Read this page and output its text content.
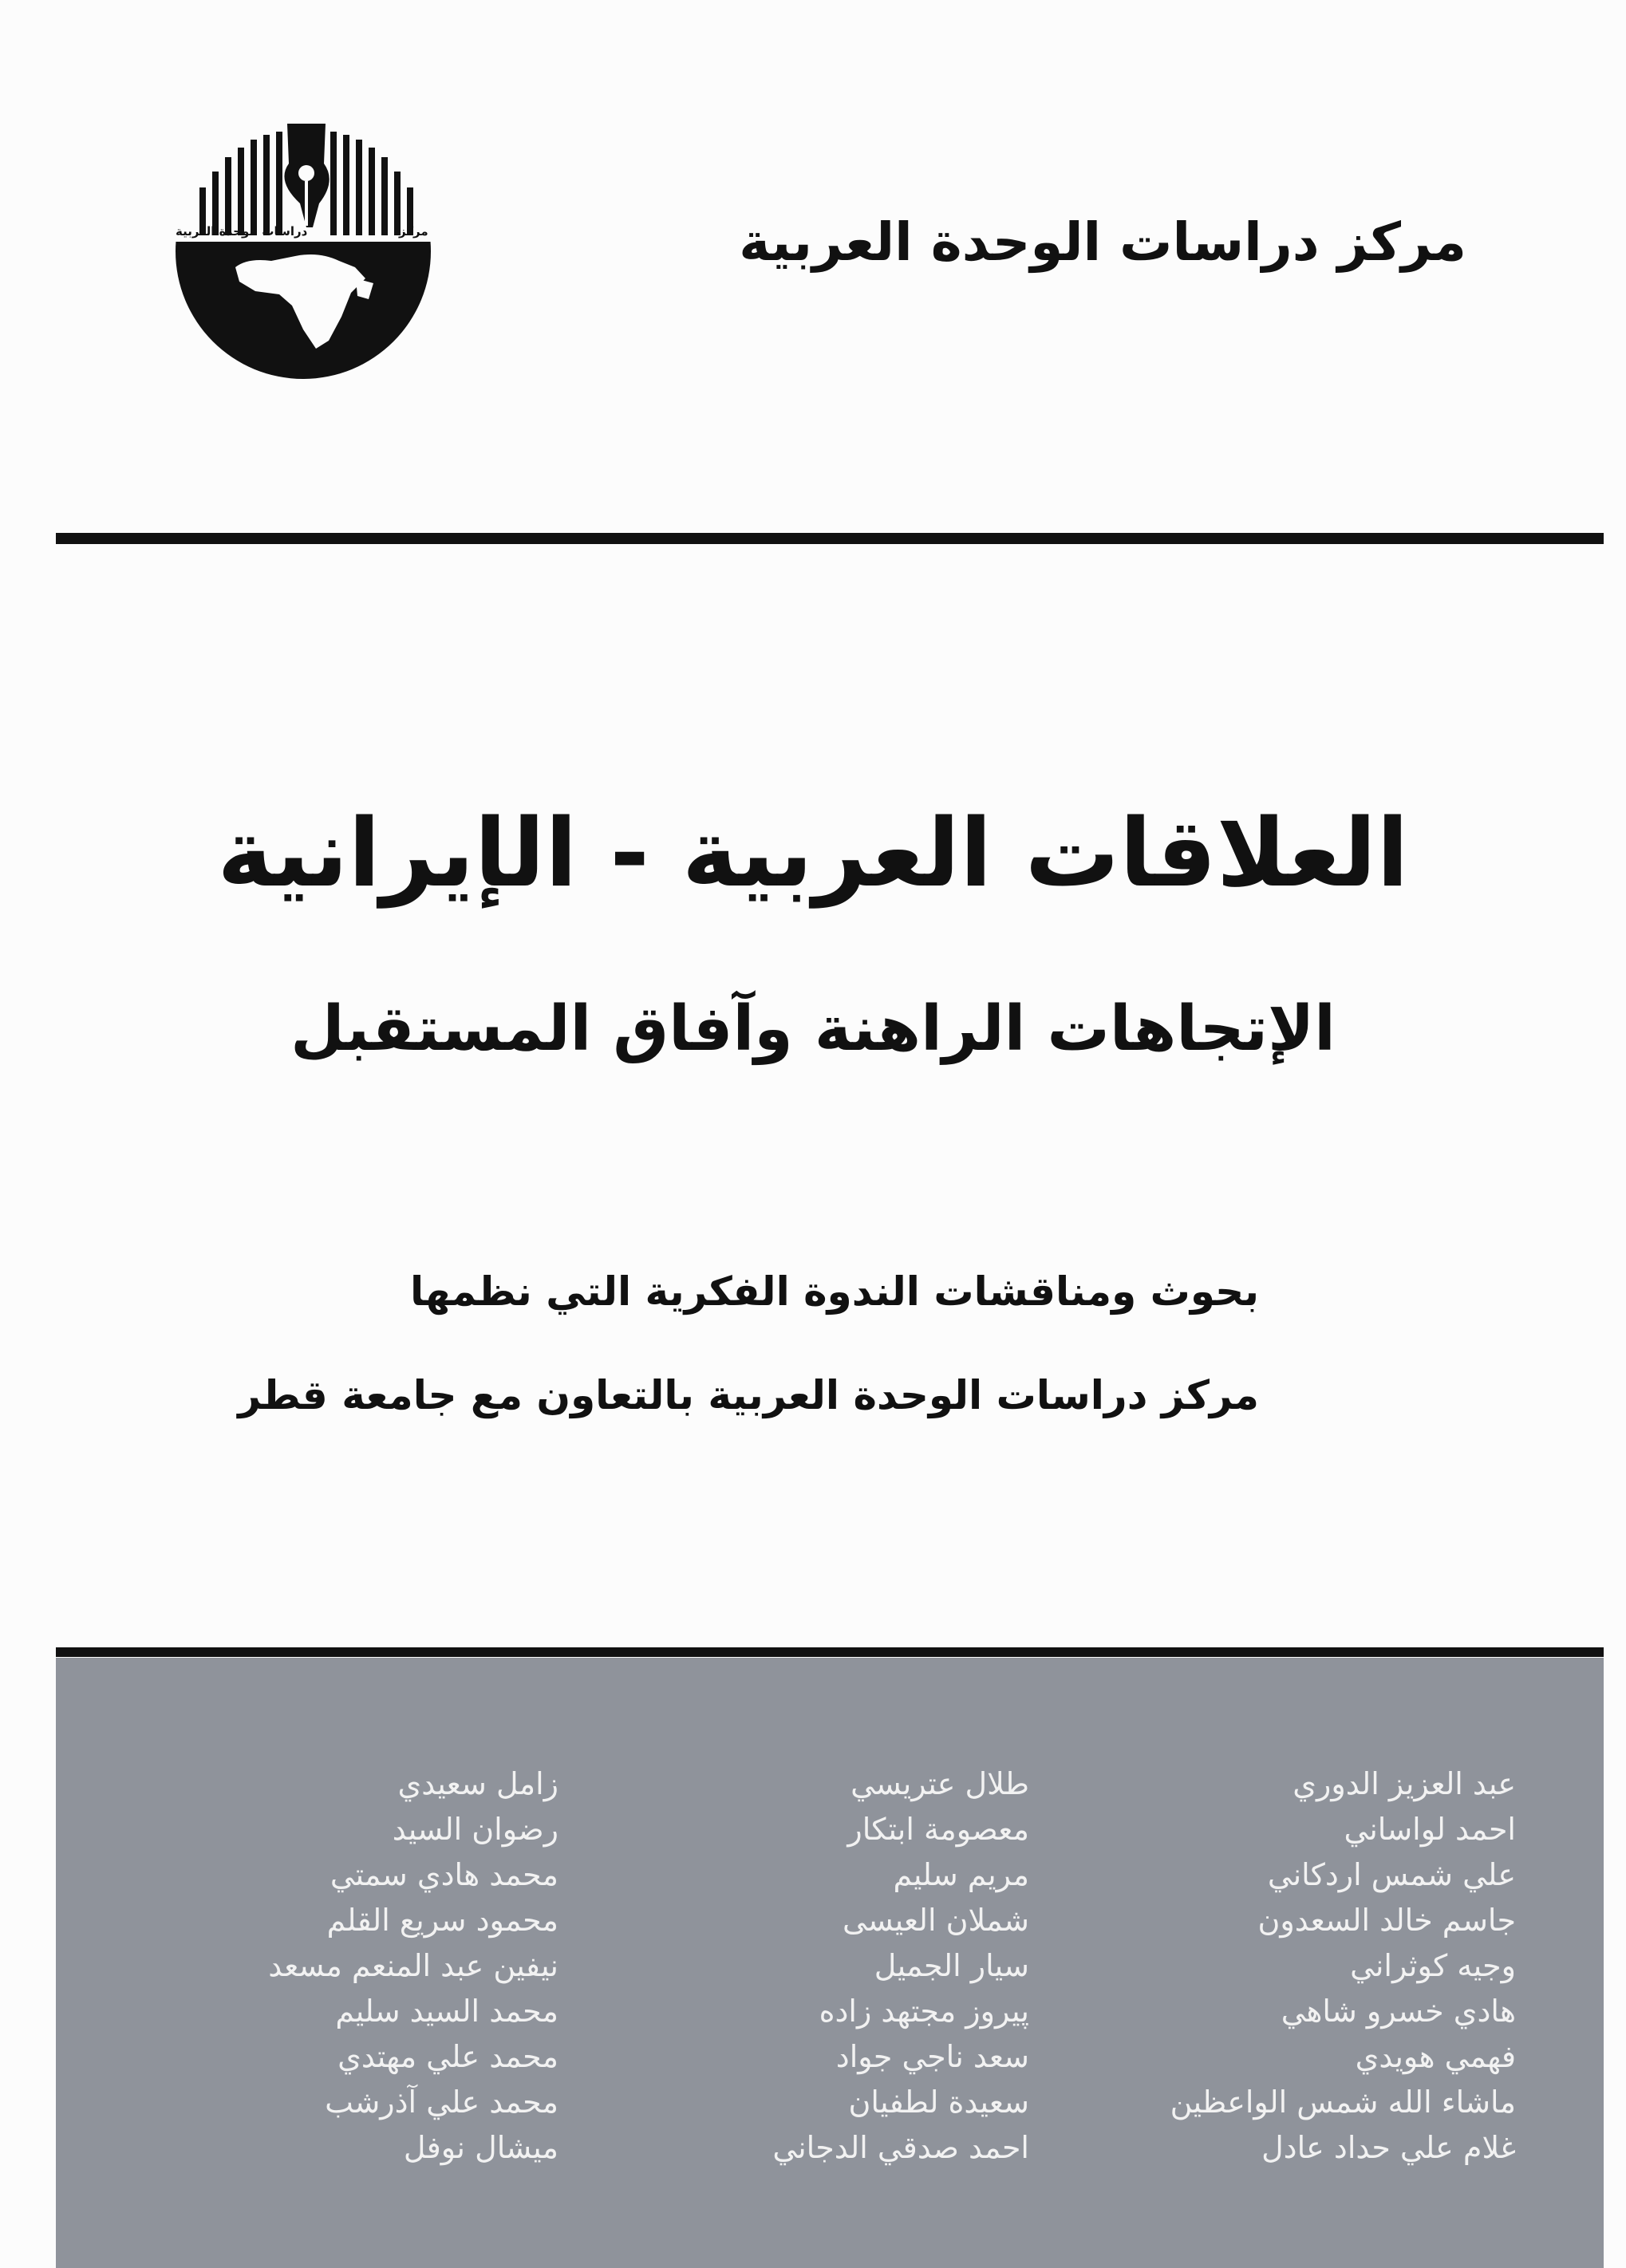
مركز دراسات الوحدة العربية
دراسات الوحدة العربية	مركز
العلاقات العربية - الإيرانية
الإتجاهات الراهنة وآفاق المستقبل
بحوث ومناقشات الندوة الفكرية التي نظمها
مركز دراسات الوحدة العربية بالتعاون مع جامعة قطر
عبد العزيز الدوري
احمد لواساني
علي شمس اردكاني
جاسم خالد السعدون
وجيه كوثراني
هادي خسرو شاهي
فهمي هويدي
ماشاء الله شمس الواعظين
غلام علي حداد عادل
طلال عتريسي
معصومة ابتكار
مريم سليم
شملان العيسى
سيار الجميل
پيروز مجتهد زاده
سعد ناجي جواد
سعيدة لطفيان
احمد صدقي الدجاني
زامل سعيدي
رضوان السيد
محمد هادي سمتي
محمود سريع القلم
نيفين عبد المنعم مسعد
محمد السيد سليم
محمد علي مهتدي
محمد علي آذرشب
ميشال نوفل
